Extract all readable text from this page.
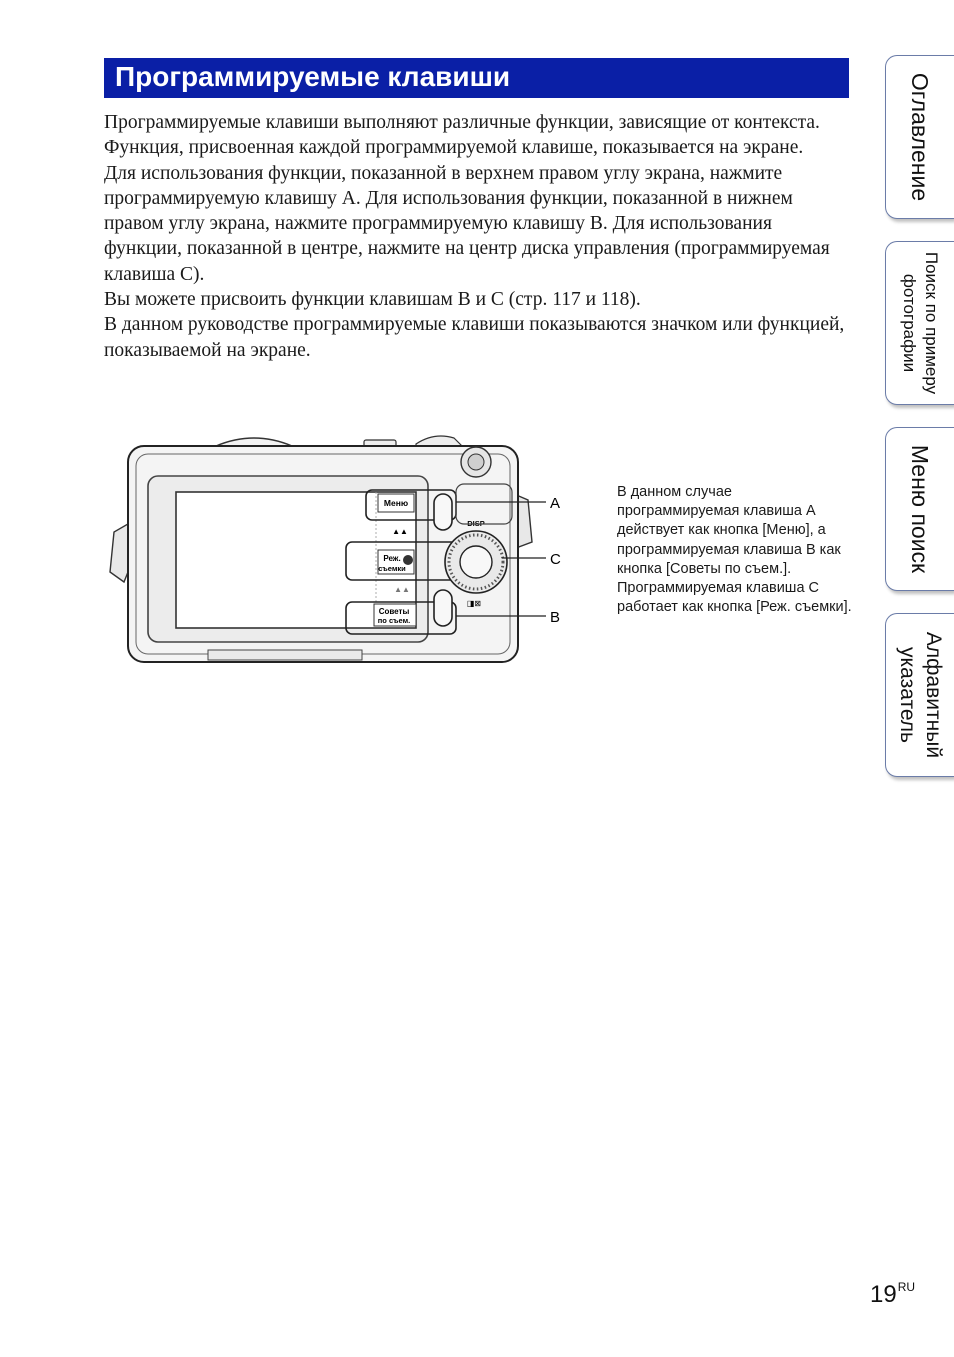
Программируемые клавиши

Программируемые клавиши выполняют различные функции, зависящие от контекста.

Функция, присвоенная каждой программируемой клавише, показывается на экране.

Для использования функции, показанной в верхнем правом углу экрана, нажмите программируемую клавишу A. Для использования функции, показанной в нижнем правом углу экрана, нажмите программируемую клавишу B. Для использования функции, показанной в центре, нажмите на центр диска управления (программируемая клавиша C).

Вы можете присвоить функции клавишам B и C (стр. 117 и 118).

В данном руководстве программируемые клавиши показываются значком или функцией, показываемой на экране.

Меню
▲▲
Реж.
съемки
▲▲
Советы
по съем.
DISP
◨⊠
A
C
B
В данном случае программируемая клавиша A действует как кнопка [Меню], а программируемая клавиша B как кнопка [Советы по съем.]. Программируемая клавиша C работает как кнопка [Реж. съемки].
Оглавление
Поиск по примеру
фотографии
Меню поиск
Алфавитный
указатель
$19^{RU}$
